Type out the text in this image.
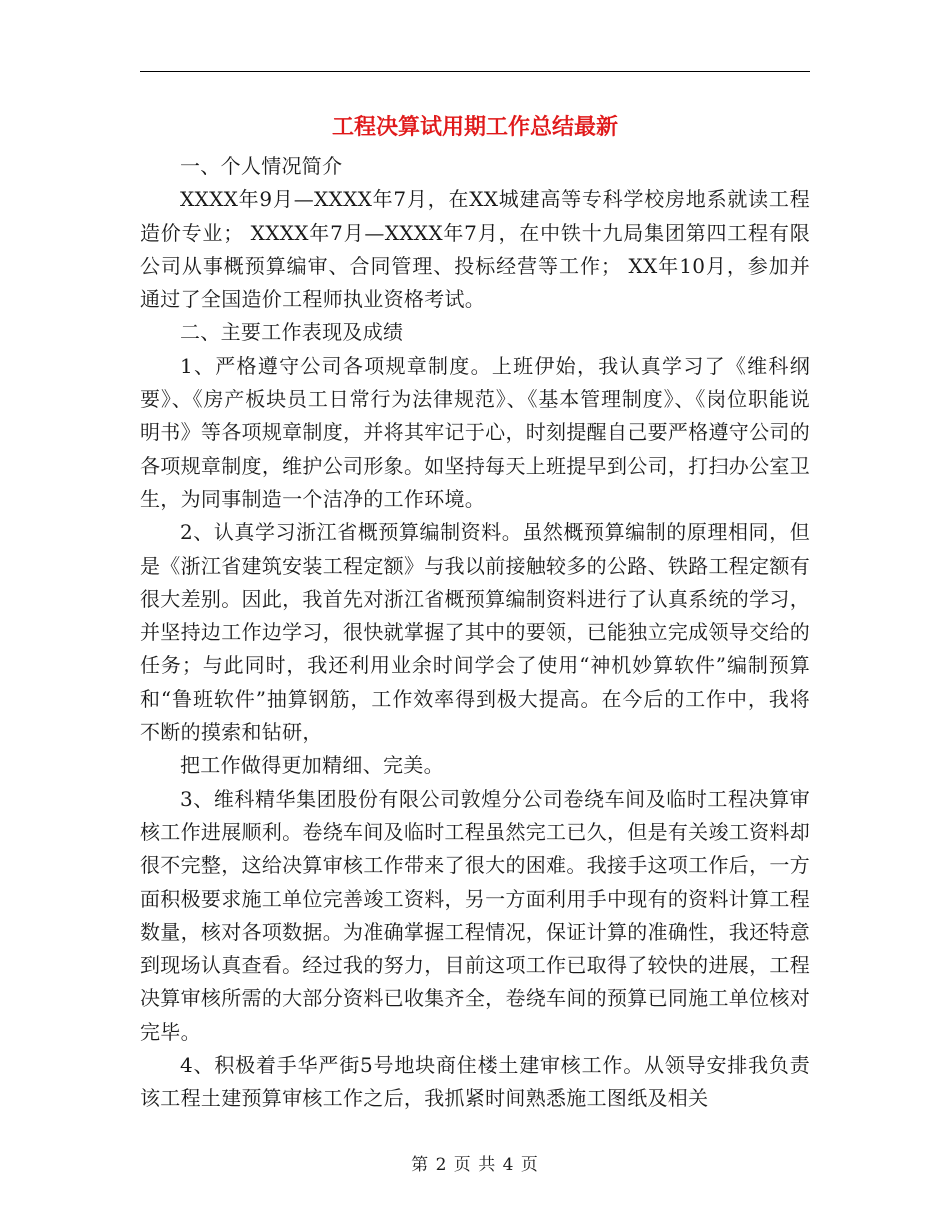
工程决算试用期工作总结最新

一、个人情况简介

XXXX年9月—XXXX年7月，在XX城建高等专科学校房地系就读工程造价专业； XXXX年7月—XXXX年7月，在中铁十九局集团第四工程有限公司从事概预算编审、合同管理、投标经营等工作； XX年10月，参加并通过了全国造价工程师执业资格考试。

二、主要工作表现及成绩

1、严格遵守公司各项规章制度。上班伊始，我认真学习了《维科纲要》、《房产板块员工日常行为法律规范》、《基本管理制度》、《岗位职能说明书》等各项规章制度，并将其牢记于心，时刻提醒自己要严格遵守公司的各项规章制度，维护公司形象。如坚持每天上班提早到公司，打扫办公室卫生，为同事制造一个洁净的工作环境。

2、认真学习浙江省概预算编制资料。虽然概预算编制的原理相同，但是《浙江省建筑安装工程定额》与我以前接触较多的公路、铁路工程定额有很大差别。因此，我首先对浙江省概预算编制资料进行了认真系统的学习，并坚持边工作边学习，很快就掌握了其中的要领，已能独立完成领导交给的任务；与此同时，我还利用业余时间学会了使用“神机妙算软件”编制预算和“鲁班软件”抽算钢筋，工作效率得到极大提高。在今后的工作中，我将不断的摸索和钻研，

把工作做得更加精细、完美。

3、维科精华集团股份有限公司敦煌分公司卷绕车间及临时工程决算审核工作进展顺利。卷绕车间及临时工程虽然完工已久，但是有关竣工资料却很不完整，这给决算审核工作带来了很大的困难。我接手这项工作后，一方面积极要求施工单位完善竣工资料，另一方面利用手中现有的资料计算工程数量，核对各项数据。为准确掌握工程情况，保证计算的准确性，我还特意到现场认真查看。经过我的努力，目前这项工作已取得了较快的进展，工程决算审核所需的大部分资料已收集齐全，卷绕车间的预算已同施工单位核对完毕。

4、积极着手华严街5号地块商住楼土建审核工作。从领导安排我负责该工程土建预算审核工作之后，我抓紧时间熟悉施工图纸及相关

第 2 页 共 4 页
